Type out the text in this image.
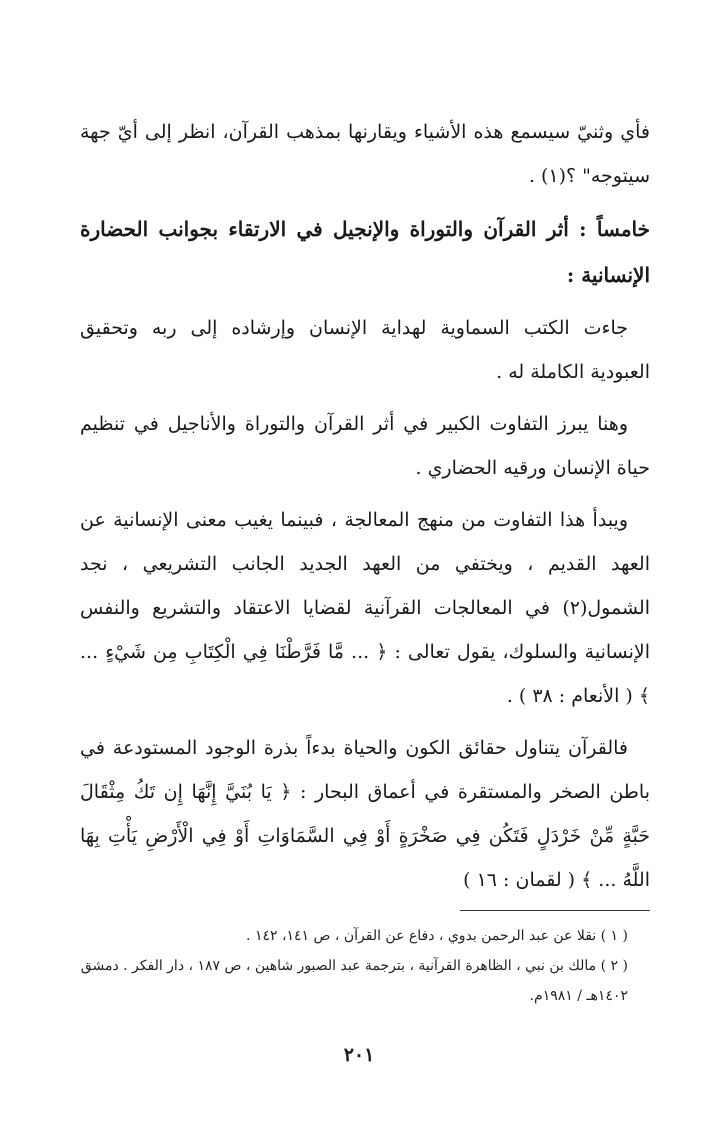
فأي وثنيّ سيسمع هذه الأشياء ويقارنها بمذهب القرآن، انظر إلى أيّ جهة سيتوجه" ؟(١) .

خامساً : أثر القرآن والتوراة والإنجيل في الارتقاء بجوانب الحضارة الإنسانية :

جاءت الكتب السماوية لهداية الإنسان وإرشاده إلى ربه وتحقيق العبودية الكاملة له .

وهنا يبرز التفاوت الكبير في أثر القرآن والتوراة والأناجيل في تنظيم حياة الإنسان ورقيه الحضاري .

ويبدأ هذا التفاوت من منهج المعالجة ، فبينما يغيب معنى الإنسانية عن العهد القديم ، ويختفي من العهد الجديد الجانب التشريعي ، نجد الشمول(٢) في المعالجات القرآنية لقضايا الاعتقاد والتشريع والنفس الإنسانية والسلوك، يقول تعالى : ﴿ ... مَّا فَرَّطْنَا فِي الْكِتَابِ مِن شَيْءٍ ... ﴾ ( الأنعام : ٣٨ ) .

فالقرآن يتناول حقائق الكون والحياة بدءاً بذرة الوجود المستودعة في باطن الصخر والمستقرة في أعماق البحار : ﴿ يَا بُنَيَّ إِنَّهَا إِن تَكُ مِثْقَالَ حَبَّةٍ مِّنْ خَرْدَلٍ فَتَكُن فِي صَخْرَةٍ أَوْ فِي السَّمَاوَاتِ أَوْ فِي الْأَرْضِ يَأْتِ بِهَا اللَّهُ ... ﴾ ( لقمان : ١٦ )

( ١ ) نقلا عن عبد الرحمن بدوي ، دفاع عن القرآن ، ص ١٤١، ١٤٢ .

( ٢ ) مالك بن نبي ، الظاهرة القرآنية ، بترجمة عبد الصبور شاهين ، ص ١٨٧ ، دار الفكر . دمشق ١٤٠٢هـ / ١٩٨١م.

٢٠١
